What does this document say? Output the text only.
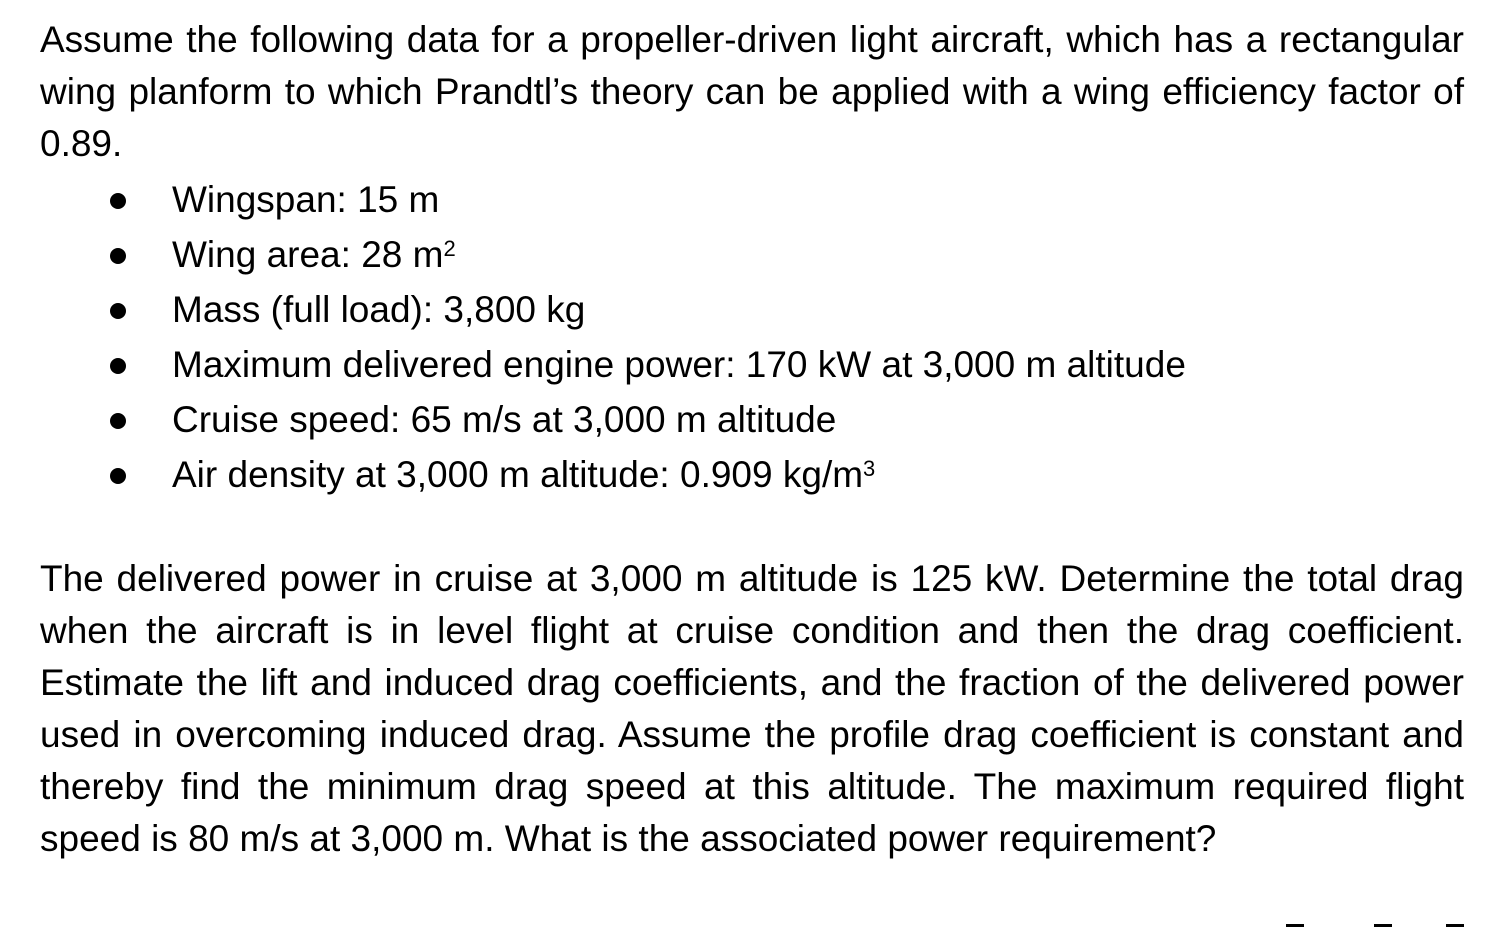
Assume the following data for a propeller-driven light aircraft, which has a rectangular wing planform to which Prandtl’s theory can be applied with a wing efficiency factor of 0.89.

Wingspan: 15 m
Wing area: 28 $m^2$
Mass (full load): 3,800 kg
Maximum delivered engine power: 170 kW at 3,000 m altitude
Cruise speed: 65 m/s at 3,000 m altitude
Air density at 3,000 m altitude: 0.909 $kg/m^3$

The delivered power in cruise at 3,000 m altitude is 125 kW. Determine the total drag when the aircraft is in level flight at cruise condition and then the drag coefficient. Estimate the lift and induced drag coefficients, and the fraction of the delivered power used in overcoming induced drag. Assume the profile drag coefficient is constant and thereby find the minimum drag speed at this altitude. The maximum required flight speed is 80 m/s at 3,000 m. What is the associated power requirement?
